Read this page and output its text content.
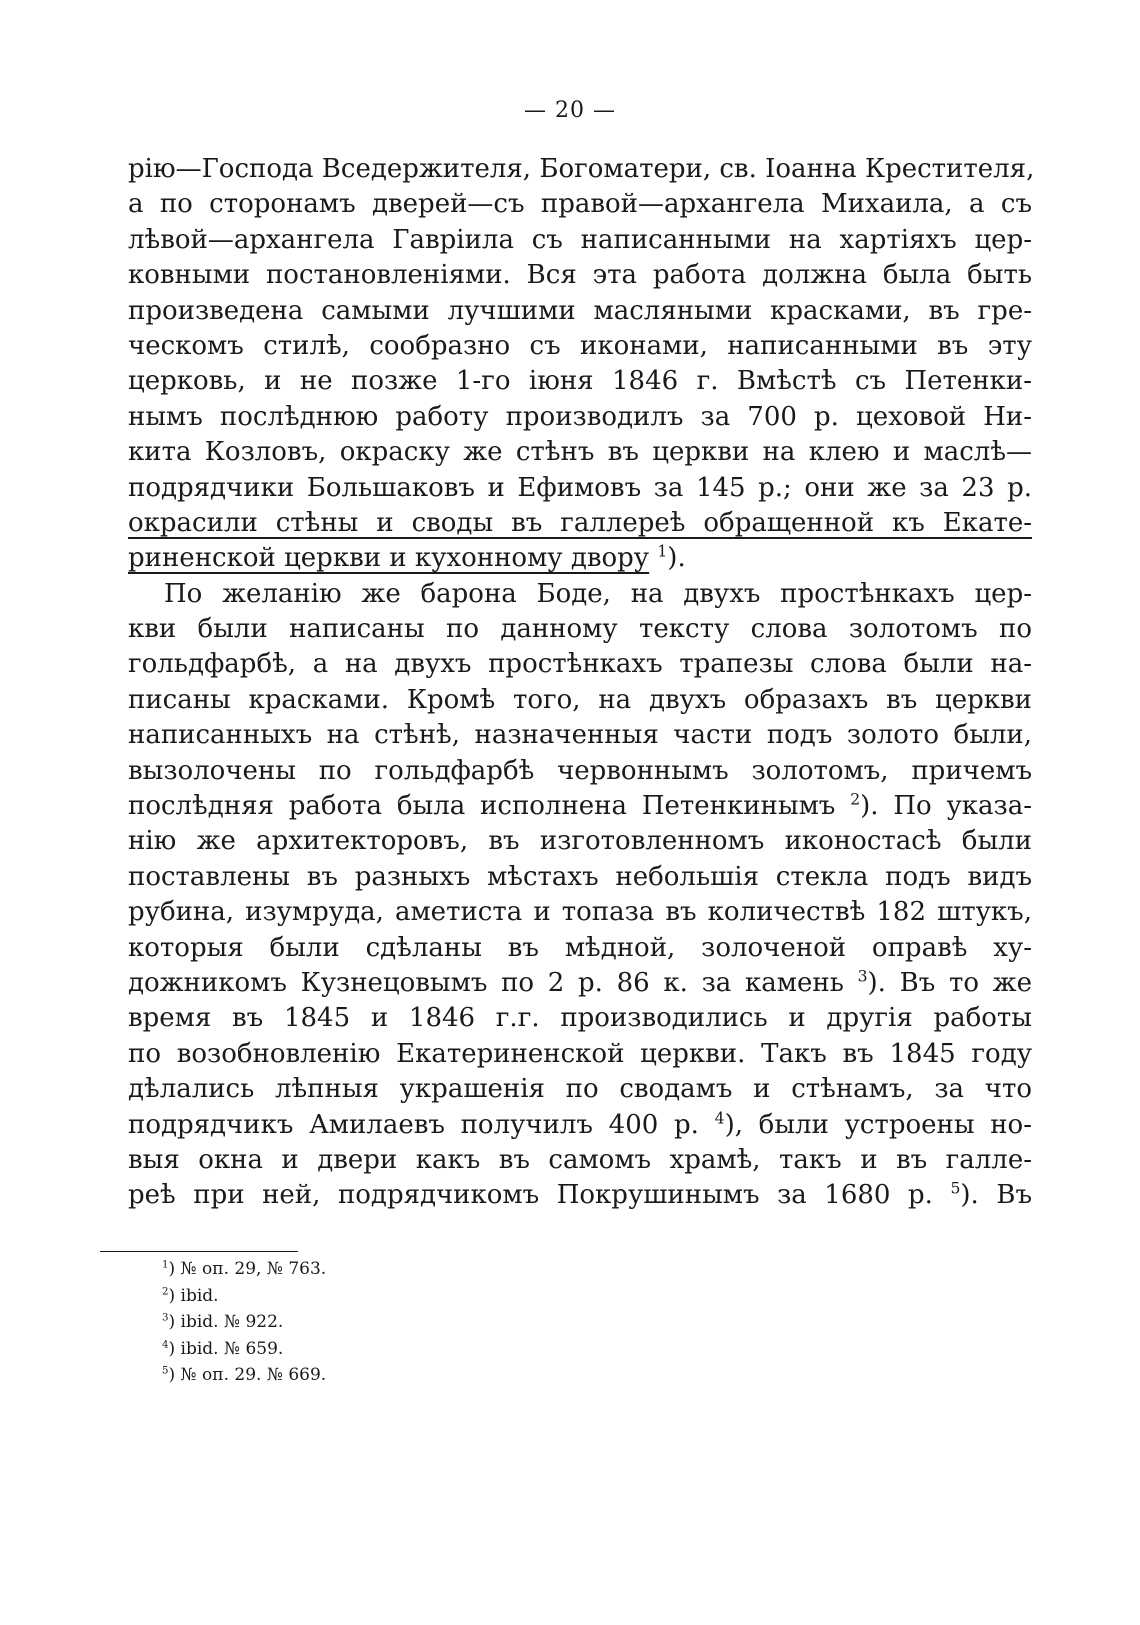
— 20 —
рію—Господа Вседержителя, Богоматери, св. Іоанна Крестителя,
а по сторонамъ дверей—съ правой—архангела Михаила, а съ
лѣвой—архангела Гавріила съ написанными на хартіяхъ цер-
ковными постановленіями. Вся эта работа должна была быть
произведена самыми лучшими масляными красками, въ гре-
ческомъ стилѣ, сообразно съ иконами, написанными въ эту
церковь, и не позже 1-го іюня 1846 г. Вмѣстѣ съ Петенки-
нымъ послѣднюю работу производилъ за 700 р. цеховой Ни-
кита Козловъ, окраску же стѣнъ въ церкви на клею и маслѣ—
подрядчики Большаковъ и Ефимовъ за 145 р.; они же за 23 р.
окрасили стѣны и своды въ галлереѣ обращенной къ Екате-
риненской церкви и кухонному двору $^1$).
По желанію же барона Боде, на двухъ простѣнкахъ цер-
кви были написаны по данному тексту слова золотомъ по
гольдфарбѣ, а на двухъ простѣнкахъ трапезы слова были на-
писаны красками. Кромѣ того, на двухъ образахъ въ церкви
написанныхъ на стѣнѣ, назначенныя части подъ золото были,
вызолочены по гольдфарбѣ червоннымъ золотомъ, причемъ
послѣдняя работа была исполнена Петенкинымъ $^2$). По указа-
нію же архитекторовъ, въ изготовленномъ иконостасѣ были
поставлены въ разныхъ мѣстахъ небольшія стекла подъ видъ
рубина, изумруда, аметиста и топаза въ количествѣ 182 штукъ,
которыя были сдѣланы въ мѣдной, золоченой оправѣ ху-
дожникомъ Кузнецовымъ по 2 р. 86 к. за камень $^3$). Въ то же
время въ 1845 и 1846 г.г. производились и другія работы
по возобновленію Екатериненской церкви. Такъ въ 1845 году
дѣлались лѣпныя украшенія по сводамъ и стѣнамъ, за что
подрядчикъ Амилаевъ получилъ 400 р. $^4$), были устроены но-
выя окна и двери какъ въ самомъ храмѣ, такъ и въ галле-
реѣ при ней, подрядчикомъ Покрушинымъ за 1680 р. $^5$). Въ
$^1$) № оп. 29, № 763.
$^2$) ibid.
$^3$) ibid. № 922.
$^4$) ibid. № 659.
$^5$) № оп. 29. № 669.
